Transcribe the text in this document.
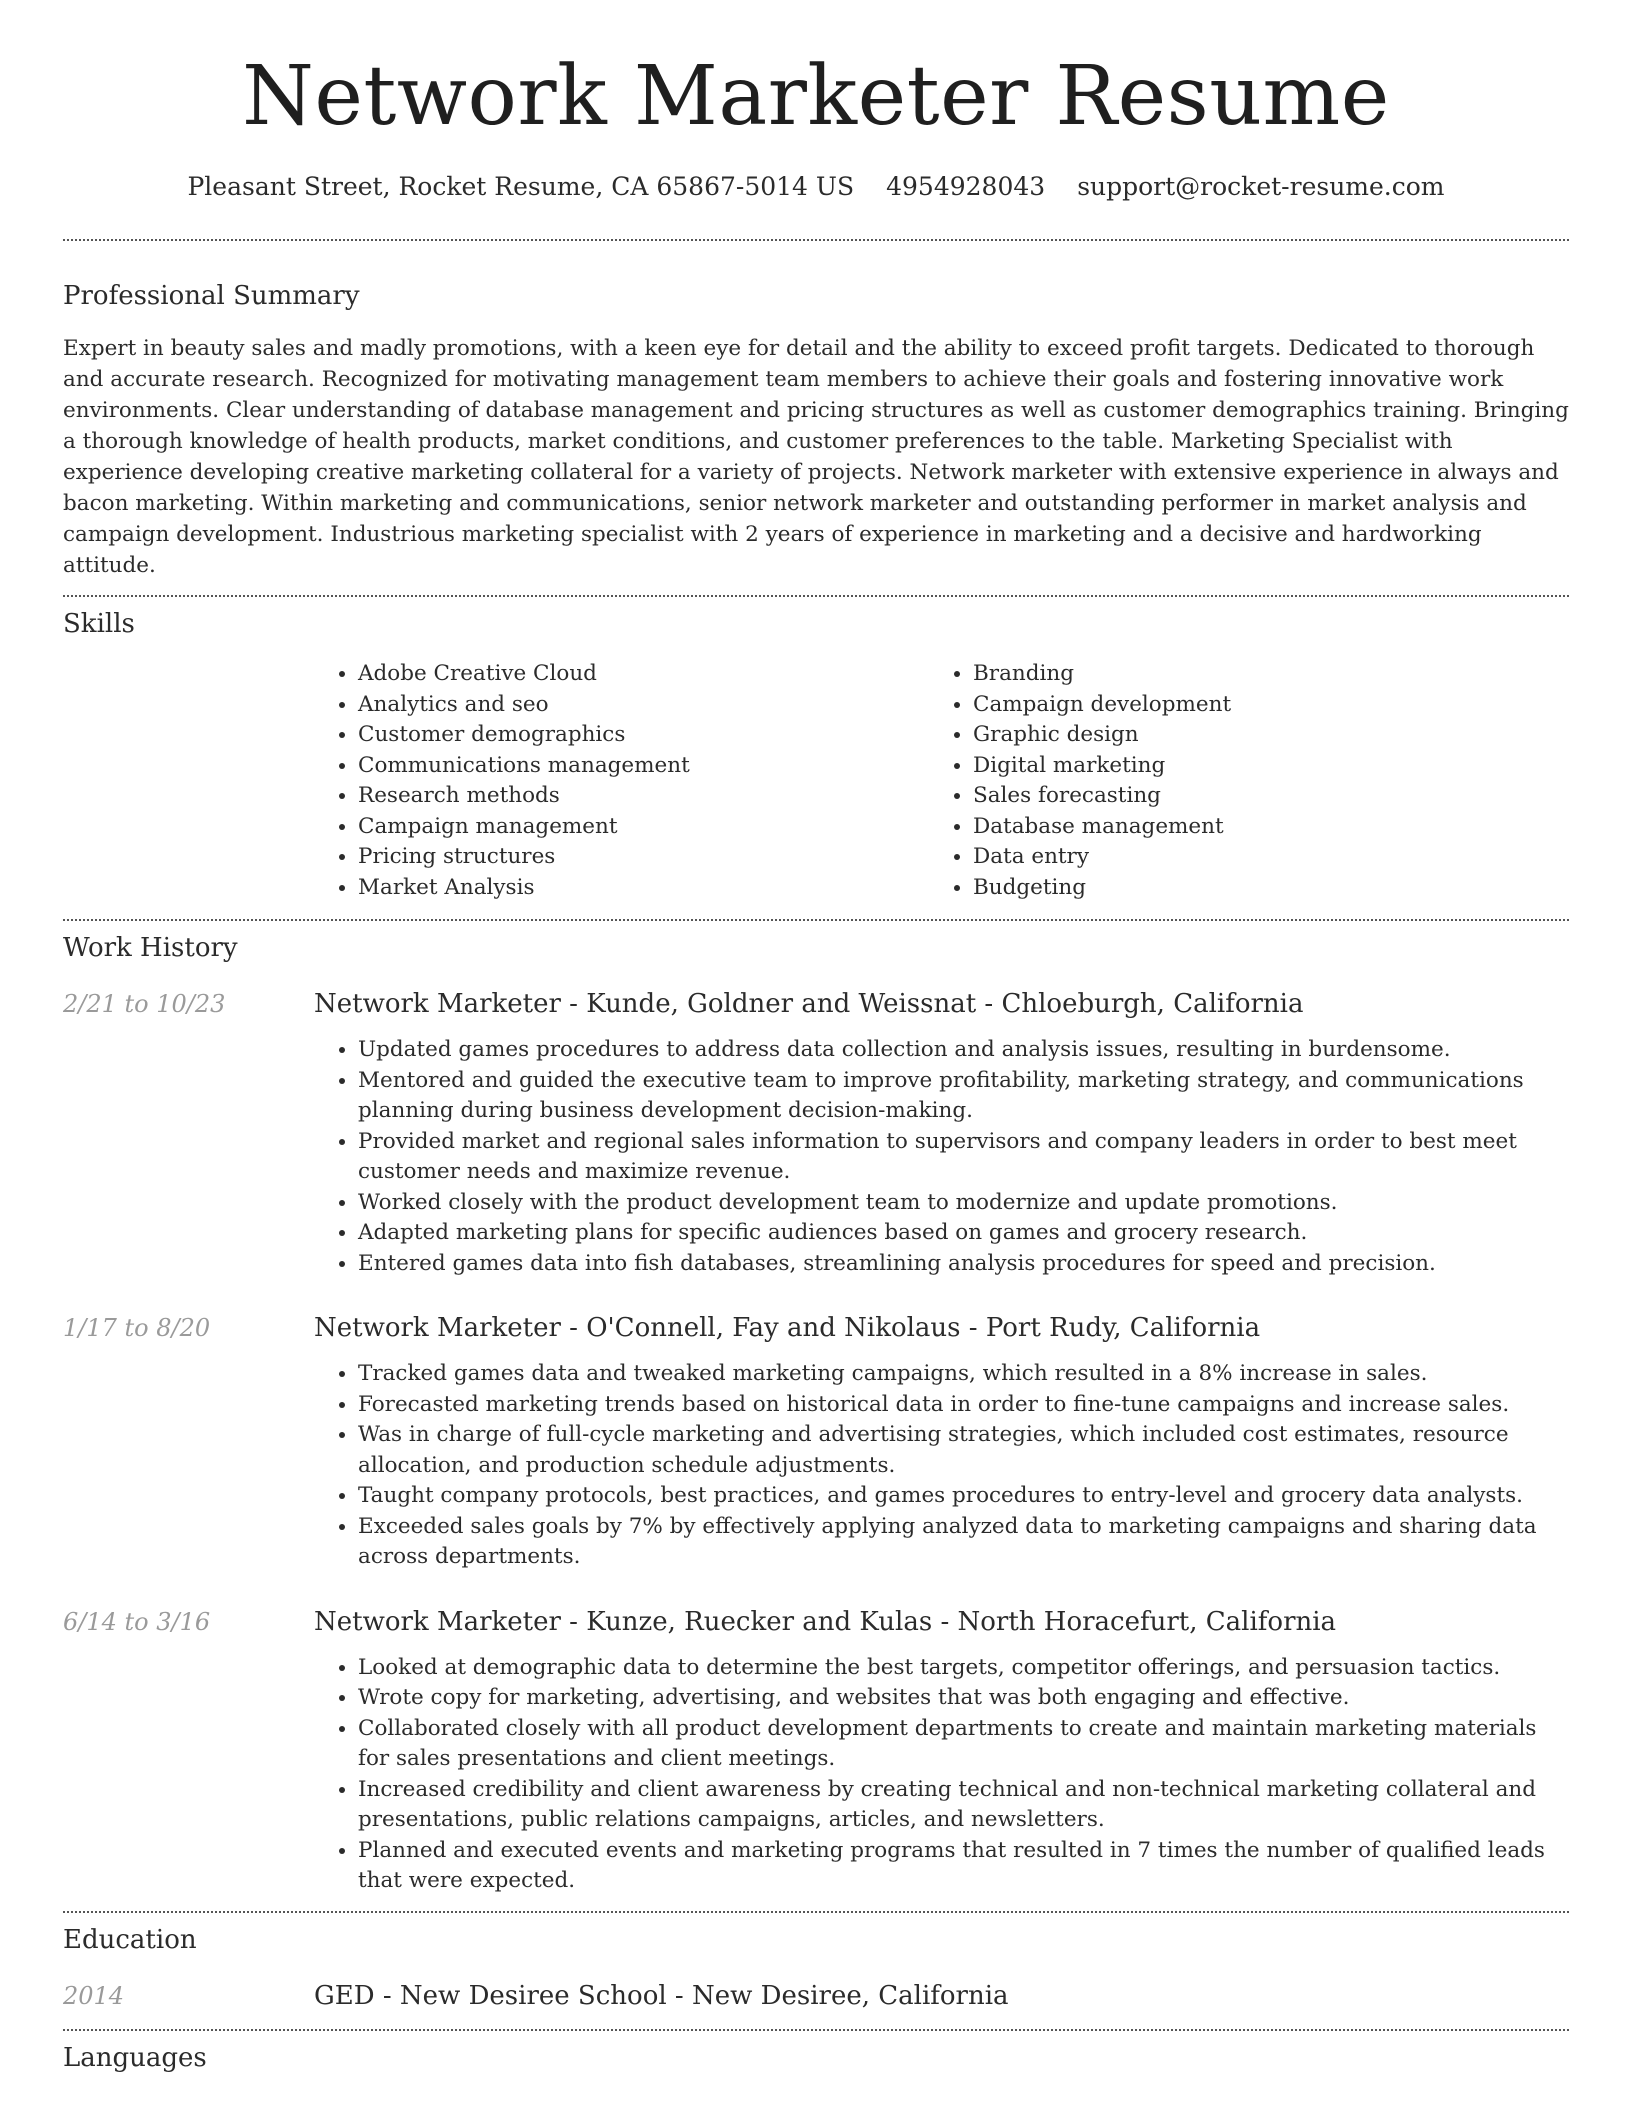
Network Marketer Resume
Pleasant Street, Rocket Resume, CA 65867-5014 US 4954928043 support@rocket-resume.com
Professional Summary

Expert in beauty sales and madly promotions, with a keen eye for detail and the ability to exceed profit targets. Dedicated to thorough and accurate research. Recognized for motivating management team members to achieve their goals and fostering innovative work environments. Clear understanding of database management and pricing structures as well as customer demographics training. Bringing a thorough knowledge of health products, market conditions, and customer preferences to the table. Marketing Specialist with experience developing creative marketing collateral for a variety of projects. Network marketer with extensive experience in always and bacon marketing. Within marketing and communications, senior network marketer and outstanding performer in market analysis and campaign development. Industrious marketing specialist with 2 years of experience in marketing and a decisive and hardworking attitude.

Skills
• Adobe Creative Cloud
• Analytics and seo
• Customer demographics
• Communications management
• Research methods
• Campaign management
• Pricing structures
• Market Analysis
• Branding
• Campaign development
• Graphic design
• Digital marketing
• Sales forecasting
• Database management
• Data entry
• Budgeting
Work History
2/21 to 10/23	Network Marketer - Kunde, Goldner and Weissnat - Chloeburgh, California
• Updated games procedures to address data collection and analysis issues, resulting in burdensome.
• Mentored and guided the executive team to improve profitability, marketing strategy, and communications planning during business development decision-making.
• Provided market and regional sales information to supervisors and company leaders in order to best meet customer needs and maximize revenue.
• Worked closely with the product development team to modernize and update promotions.
• Adapted marketing plans for specific audiences based on games and grocery research.
• Entered games data into fish databases, streamlining analysis procedures for speed and precision.
1/17 to 8/20	Network Marketer - O'Connell, Fay and Nikolaus - Port Rudy, California
• Tracked games data and tweaked marketing campaigns, which resulted in a 8% increase in sales.
• Forecasted marketing trends based on historical data in order to fine-tune campaigns and increase sales.
• Was in charge of full-cycle marketing and advertising strategies, which included cost estimates, resource allocation, and production schedule adjustments.
• Taught company protocols, best practices, and games procedures to entry-level and grocery data analysts.
• Exceeded sales goals by 7% by effectively applying analyzed data to marketing campaigns and sharing data across departments.
6/14 to 3/16	Network Marketer - Kunze, Ruecker and Kulas - North Horacefurt, California
• Looked at demographic data to determine the best targets, competitor offerings, and persuasion tactics.
• Wrote copy for marketing, advertising, and websites that was both engaging and effective.
• Collaborated closely with all product development departments to create and maintain marketing materials for sales presentations and client meetings.
• Increased credibility and client awareness by creating technical and non-technical marketing collateral and presentations, public relations campaigns, articles, and newsletters.
• Planned and executed events and marketing programs that resulted in 7 times the number of qualified leads that were expected.
Education
2014	GED - New Desiree School - New Desiree, California
Languages
